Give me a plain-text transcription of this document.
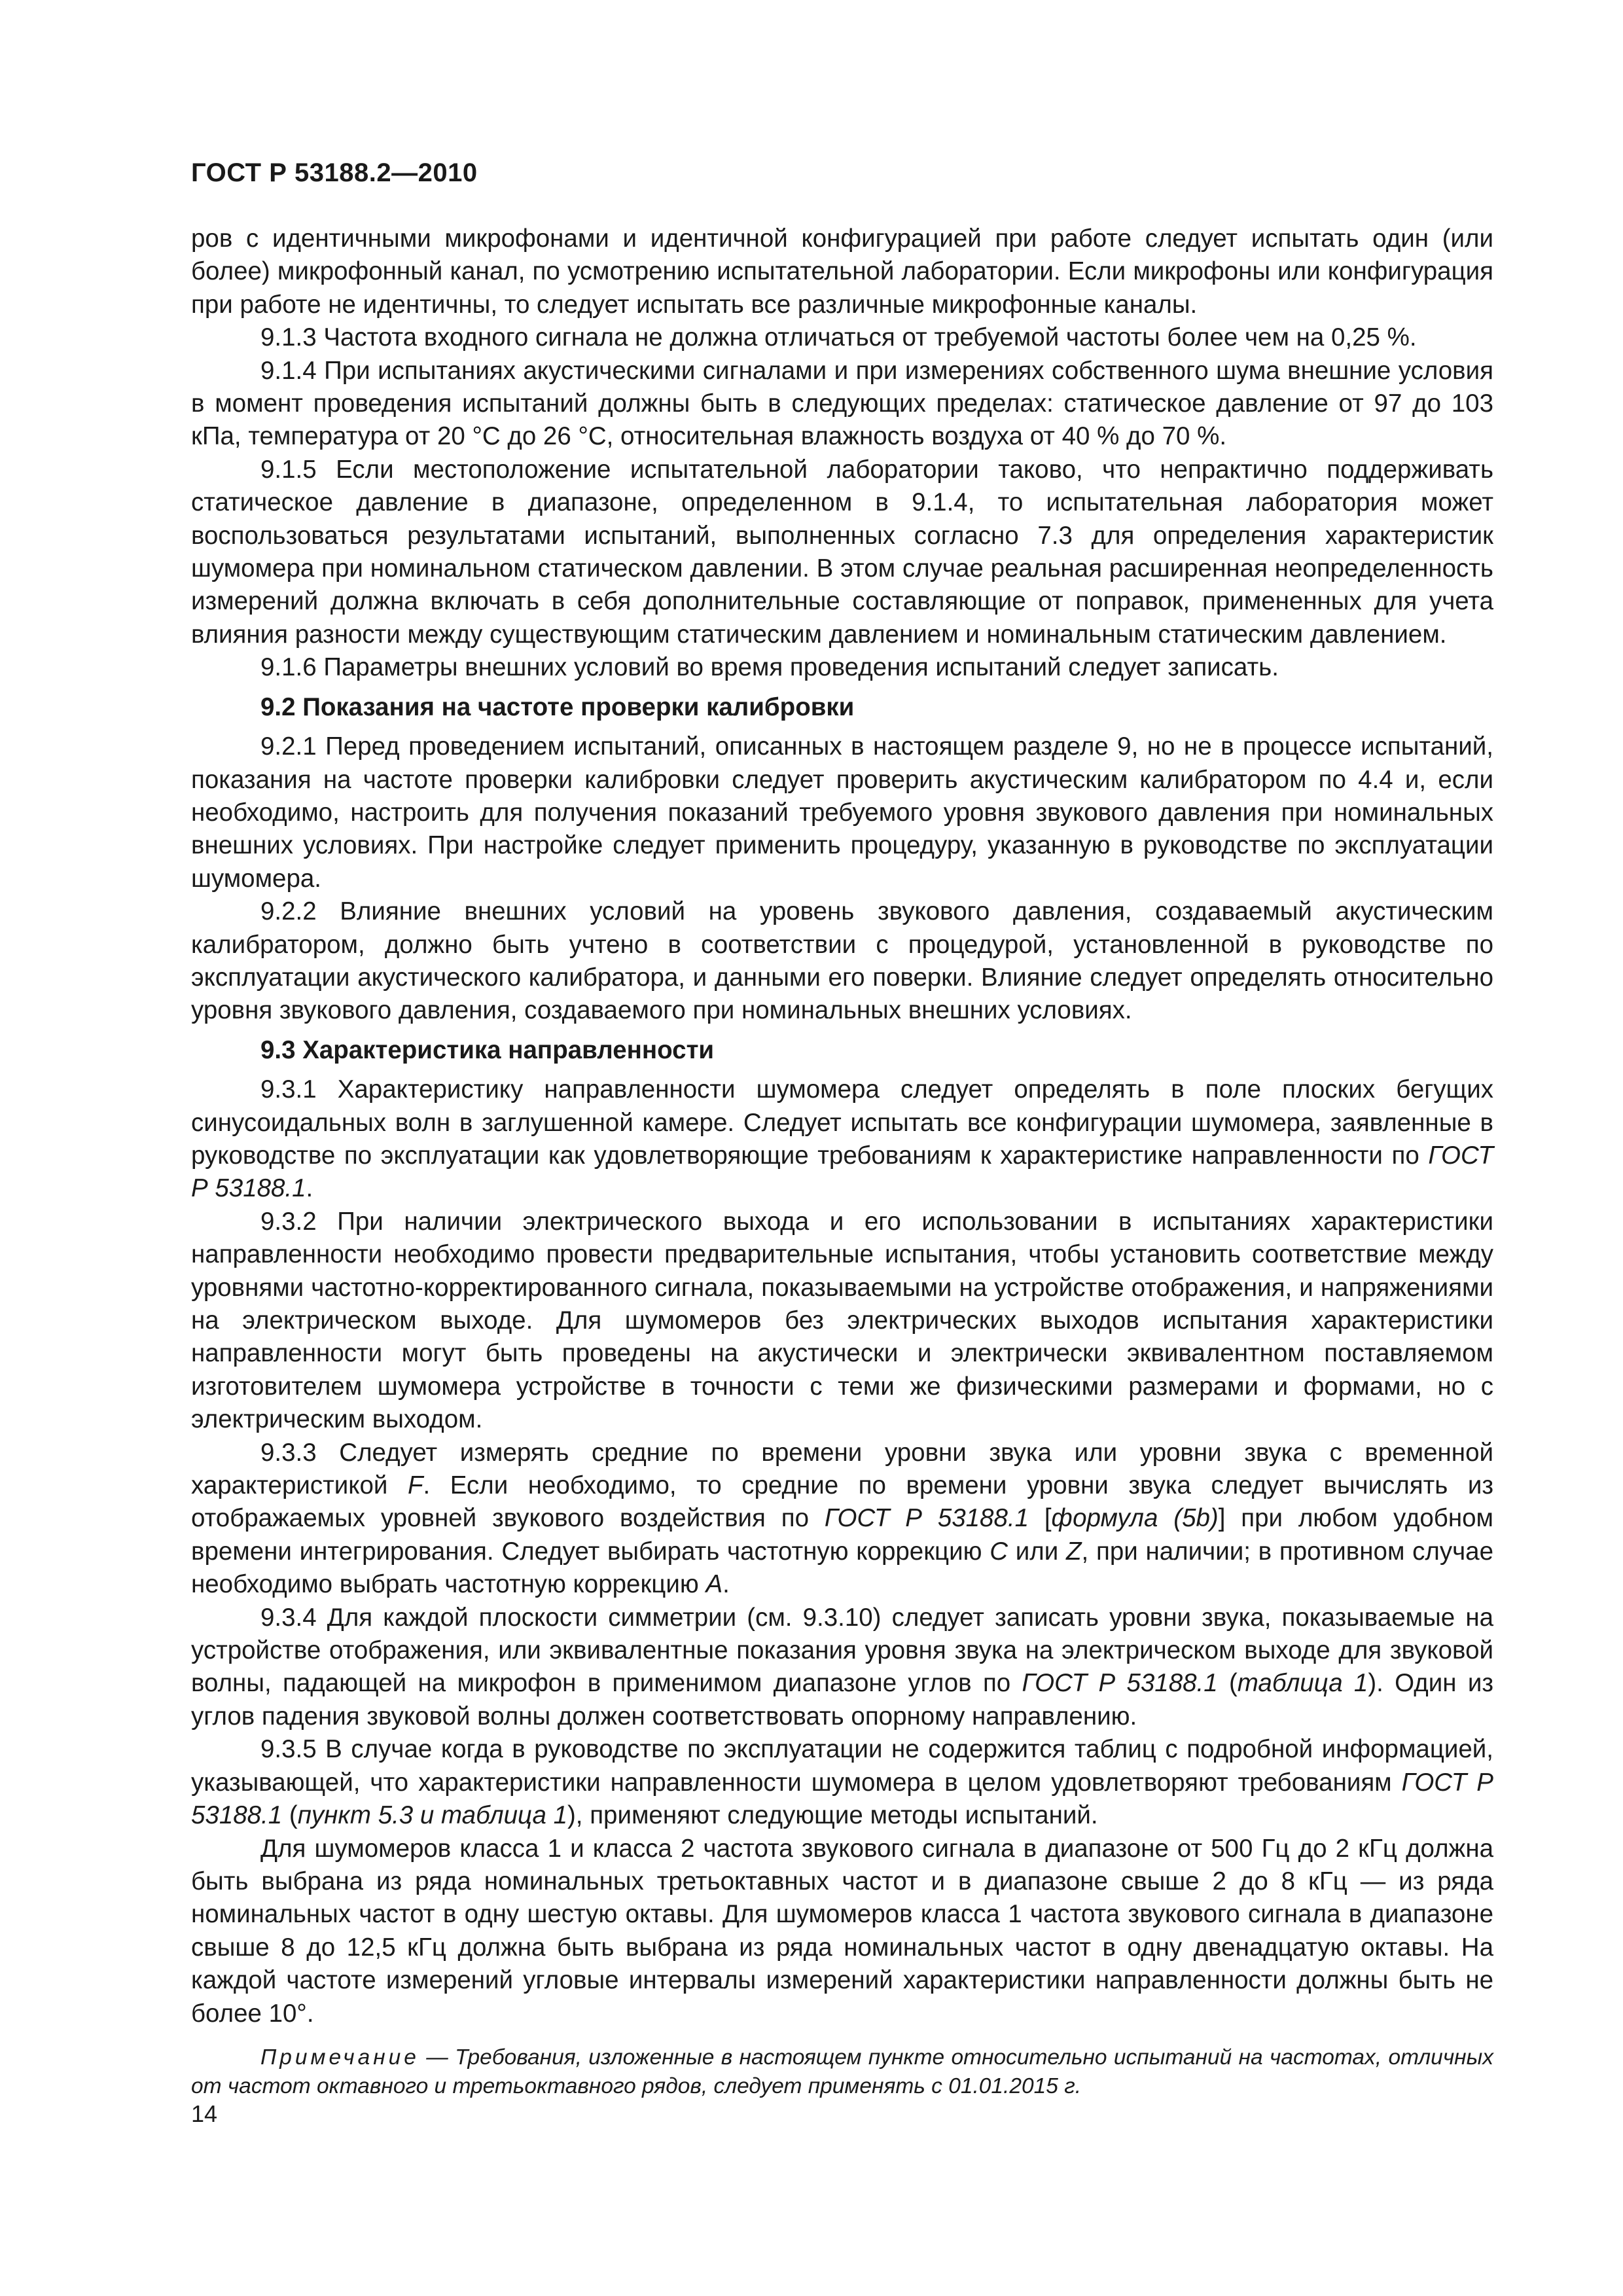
ГОСТ Р 53188.2—2010

ров с идентичными микрофонами и идентичной конфигурацией при работе следует испытать один (или более) микрофонный канал, по усмотрению испытательной лаборатории. Если микрофоны или конфигурация при работе не идентичны, то следует испытать все различные микрофонные каналы.

9.1.3 Частота входного сигнала не должна отличаться от требуемой частоты более чем на 0,25 %.

9.1.4 При испытаниях акустическими сигналами и при измерениях собственного шума внешние условия в момент проведения испытаний должны быть в следующих пределах: статическое давление от 97 до 103 кПа, температура от 20 °С до 26 °С, относительная влажность воздуха от 40 % до 70 %.

9.1.5 Если местоположение испытательной лаборатории таково, что непрактично поддерживать статическое давление в диапазоне, определенном в 9.1.4, то испытательная лаборатория может воспользоваться результатами испытаний, выполненных согласно 7.3 для определения характеристик шумомера при номинальном статическом давлении. В этом случае реальная расширенная неопределенность измерений должна включать в себя дополнительные составляющие от поправок, примененных для учета влияния разности между существующим статическим давлением и номинальным статическим давлением.

9.1.6 Параметры внешних условий во время проведения испытаний следует записать.

9.2 Показания на частоте проверки калибровки

9.2.1 Перед проведением испытаний, описанных в настоящем разделе 9, но не в процессе испытаний, показания на частоте проверки калибровки следует проверить акустическим калибратором по 4.4 и, если необходимо, настроить для получения показаний требуемого уровня звукового давления при номинальных внешних условиях. При настройке следует применить процедуру, указанную в руководстве по эксплуатации шумомера.

9.2.2 Влияние внешних условий на уровень звукового давления, создаваемый акустическим калибратором, должно быть учтено в соответствии с процедурой, установленной в руководстве по эксплуатации акустического калибратора, и данными его поверки. Влияние следует определять относительно уровня звукового давления, создаваемого при номинальных внешних условиях.

9.3 Характеристика направленности

9.3.1 Характеристику направленности шумомера следует определять в поле плоских бегущих синусоидальных волн в заглушенной камере. Следует испытать все конфигурации шумомера, заявленные в руководстве по эксплуатации как удовлетворяющие требованиям к характеристике направленности по ГОСТ Р 53188.1.

9.3.2 При наличии электрического выхода и его использовании в испытаниях характеристики направленности необходимо провести предварительные испытания, чтобы установить соответствие между уровнями частотно-корректированного сигнала, показываемыми на устройстве отображения, и напряжениями на электрическом выходе. Для шумомеров без электрических выходов испытания характеристики направленности могут быть проведены на акустически и электрически эквивалентном поставляемом изготовителем шумомера устройстве в точности с теми же физическими размерами и формами, но с электрическим выходом.

9.3.3 Следует измерять средние по времени уровни звука или уровни звука с временной характеристикой F. Если необходимо, то средние по времени уровни звука следует вычислять из отображаемых уровней звукового воздействия по ГОСТ Р 53188.1 [формула (5b)] при любом удобном времени интегрирования. Следует выбирать частотную коррекцию C или Z, при наличии; в противном случае необходимо выбрать частотную коррекцию A.

9.3.4 Для каждой плоскости симметрии (см. 9.3.10) следует записать уровни звука, показываемые на устройстве отображения, или эквивалентные показания уровня звука на электрическом выходе для звуковой волны, падающей на микрофон в применимом диапазоне углов по ГОСТ Р 53188.1 (таблица 1). Один из углов падения звуковой волны должен соответствовать опорному направлению.

9.3.5 В случае когда в руководстве по эксплуатации не содержится таблиц с подробной информацией, указывающей, что характеристики направленности шумомера в целом удовлетворяют требованиям ГОСТ Р 53188.1 (пункт 5.3 и таблица 1), применяют следующие методы испытаний.

Для шумомеров класса 1 и класса 2 частота звукового сигнала в диапазоне от 500 Гц до 2 кГц должна быть выбрана из ряда номинальных третьоктавных частот и в диапазоне свыше 2 до 8 кГц — из ряда номинальных частот в одну шестую октавы. Для шумомеров класса 1 частота звукового сигнала в диапазоне свыше 8 до 12,5 кГц должна быть выбрана из ряда номинальных частот в одну двенадцатую октавы. На каждой частоте измерений угловые интервалы измерений характеристики направленности должны быть не более 10°.

Примечание — Требования, изложенные в настоящем пункте относительно испытаний на частотах, отличных от частот октавного и третьоктавного рядов, следует применять с 01.01.2015 г.

14
